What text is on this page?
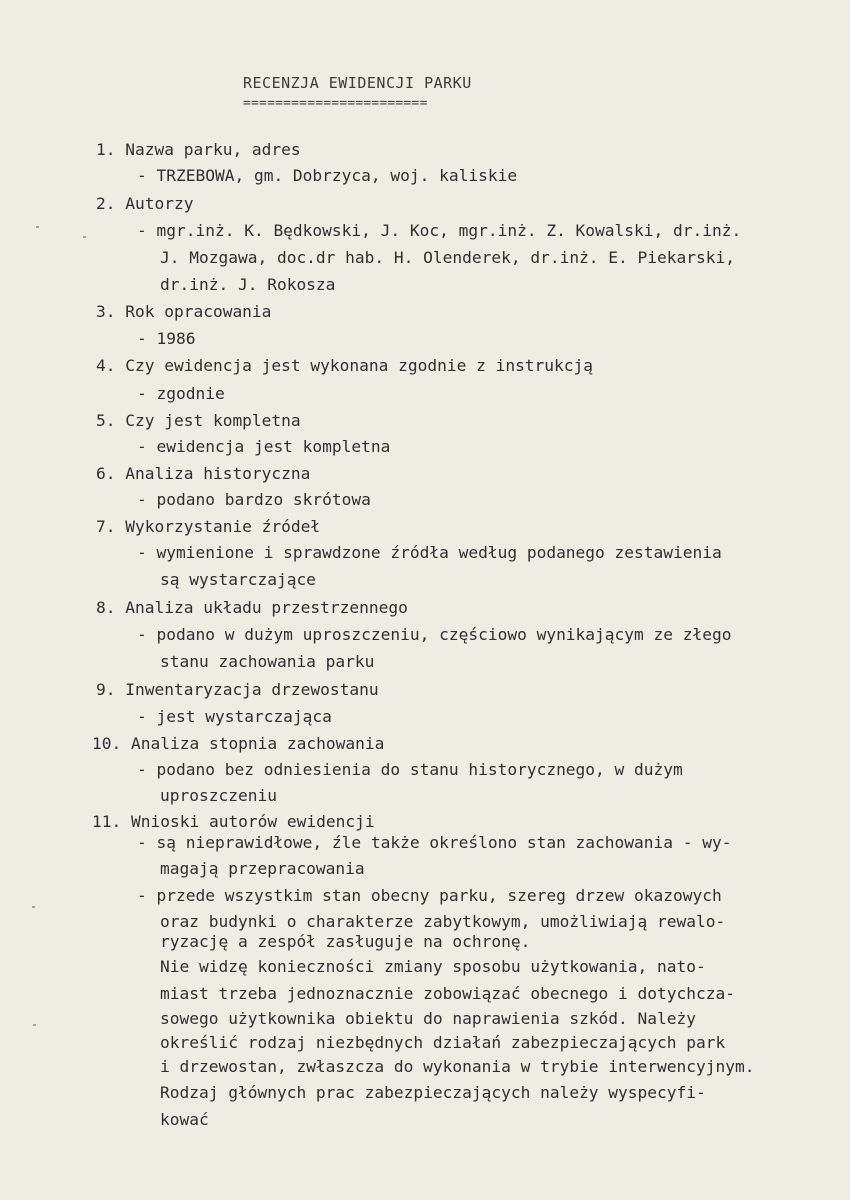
RECENZJA EWIDENCJI PARKU
=======================
1. Nazwa parku, adres
- TRZEBOWA, gm. Dobrzyca, woj. kaliskie
2. Autorzy
- mgr.inż. K. Będkowski, J. Koc, mgr.inż. Z. Kowalski, dr.inż.
J. Mozgawa, doc.dr hab. H. Olenderek, dr.inż. E. Piekarski,
dr.inż. J. Rokosza
3. Rok opracowania
- 1986
4. Czy ewidencja jest wykonana zgodnie z instrukcją
- zgodnie
5. Czy jest kompletna
- ewidencja jest kompletna
6. Analiza historyczna
- podano bardzo skrótowa
7. Wykorzystanie źródeł
- wymienione i sprawdzone źródła według podanego zestawienia
są wystarczające
8. Analiza układu przestrzennego
- podano w dużym uproszczeniu, częściowo wynikającym ze złego
stanu zachowania parku
9. Inwentaryzacja drzewostanu
- jest wystarczająca
10. Analiza stopnia zachowania
- podano bez odniesienia do stanu historycznego, w dużym
uproszczeniu
11. Wnioski autorów ewidencji
- są nieprawidłowe, źle także określono stan zachowania - wy-
magają przepracowania
- przede wszystkim stan obecny parku, szereg drzew okazowych
oraz budynki o charakterze zabytkowym, umożliwiają rewalo-
ryzację a zespół zasługuje na ochronę.
Nie widzę konieczności zmiany sposobu użytkowania, nato-
miast trzeba jednoznacznie zobowiązać obecnego i dotychcza-
sowego użytkownika obiektu do naprawienia szkód. Należy
określić rodzaj niezbędnych działań zabezpieczających park
i drzewostan, zwłaszcza do wykonania w trybie interwencyjnym.
Rodzaj głównych prac zabezpieczających należy wyspecyfi-
kować
